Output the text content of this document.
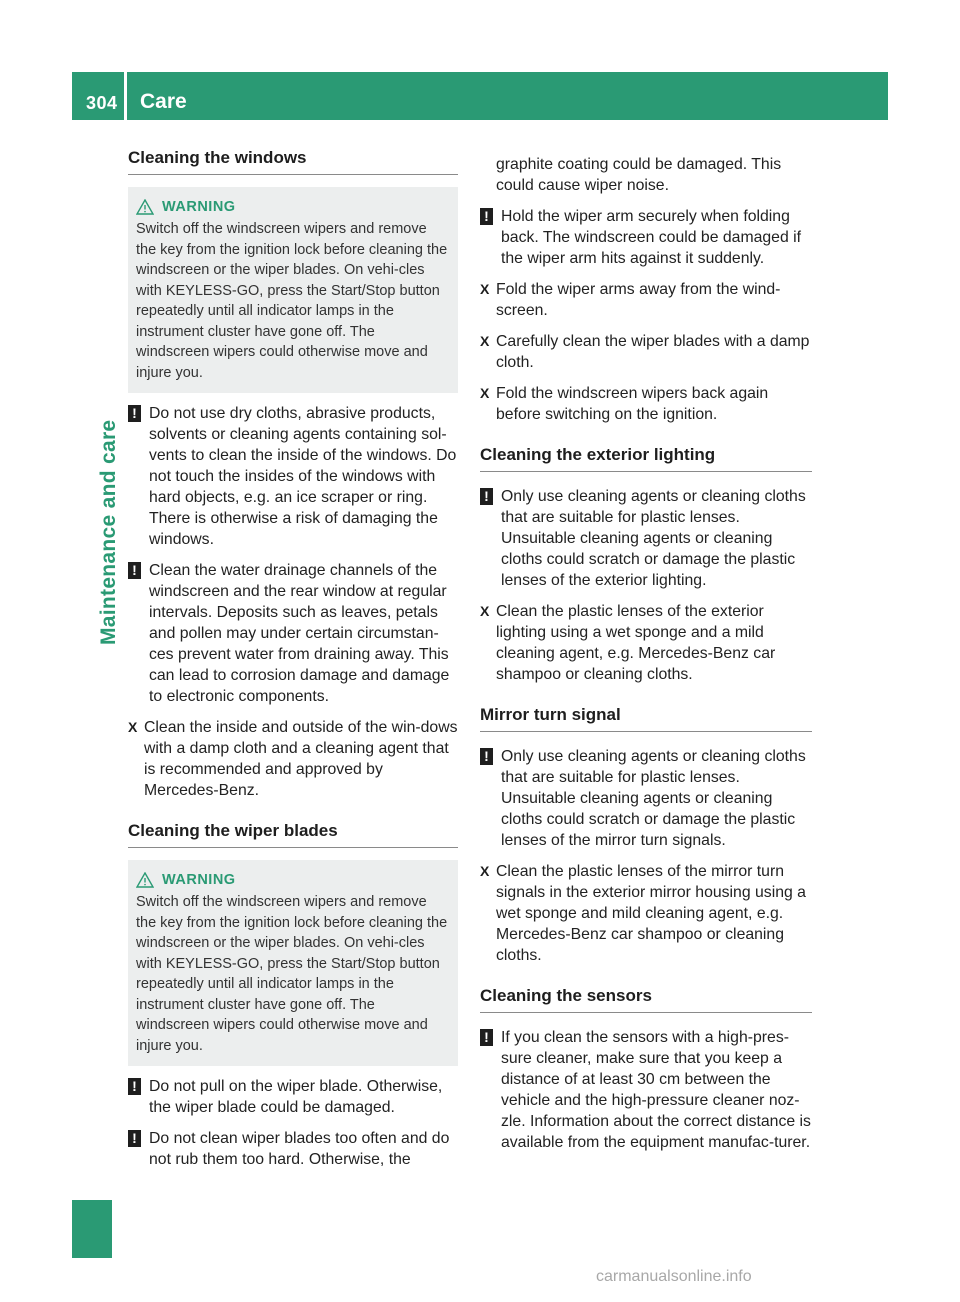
304 Care
Maintenance and care
Cleaning the windows
WARNING
Switch off the windscreen wipers and remove the key from the ignition lock before cleaning the windscreen or the wiper blades. On vehi-cles with KEYLESS-GO, press the Start/Stop button repeatedly until all indicator lamps in the instrument cluster have gone off. The windscreen wipers could otherwise move and injure you.
! Do not use dry cloths, abrasive products, solvents or cleaning agents containing sol-vents to clean the inside of the windows. Do not touch the insides of the windows with hard objects, e.g. an ice scraper or ring. There is otherwise a risk of damaging the windows.
! Clean the water drainage channels of the windscreen and the rear window at regular intervals. Deposits such as leaves, petals and pollen may under certain circumstan-ces prevent water from draining away. This can lead to corrosion damage and damage to electronic components.
X Clean the inside and outside of the win-dows with a damp cloth and a cleaning agent that is recommended and approved by Mercedes-Benz.
Cleaning the wiper blades
WARNING
Switch off the windscreen wipers and remove the key from the ignition lock before cleaning the windscreen or the wiper blades. On vehi-cles with KEYLESS-GO, press the Start/Stop button repeatedly until all indicator lamps in the instrument cluster have gone off. The windscreen wipers could otherwise move and injure you.
! Do not pull on the wiper blade. Otherwise, the wiper blade could be damaged.
! Do not clean wiper blades too often and do not rub them too hard. Otherwise, the
graphite coating could be damaged. This could cause wiper noise.
! Hold the wiper arm securely when folding back. The windscreen could be damaged if the wiper arm hits against it suddenly.
X Fold the wiper arms away from the wind-screen.
X Carefully clean the wiper blades with a damp cloth.
X Fold the windscreen wipers back again before switching on the ignition.
Cleaning the exterior lighting
! Only use cleaning agents or cleaning cloths that are suitable for plastic lenses. Unsuitable cleaning agents or cleaning cloths could scratch or damage the plastic lenses of the exterior lighting.
X Clean the plastic lenses of the exterior lighting using a wet sponge and a mild cleaning agent, e.g. Mercedes-Benz car shampoo or cleaning cloths.
Mirror turn signal
! Only use cleaning agents or cleaning cloths that are suitable for plastic lenses. Unsuitable cleaning agents or cleaning cloths could scratch or damage the plastic lenses of the mirror turn signals.
X Clean the plastic lenses of the mirror turn signals in the exterior mirror housing using a wet sponge and mild cleaning agent, e.g. Mercedes-Benz car shampoo or cleaning cloths.
Cleaning the sensors
! If you clean the sensors with a high-pres-sure cleaner, make sure that you keep a distance of at least 30 cm between the vehicle and the high-pressure cleaner noz-zle. Information about the correct distance is available from the equipment manufac-turer.
carmanualsonline.info
